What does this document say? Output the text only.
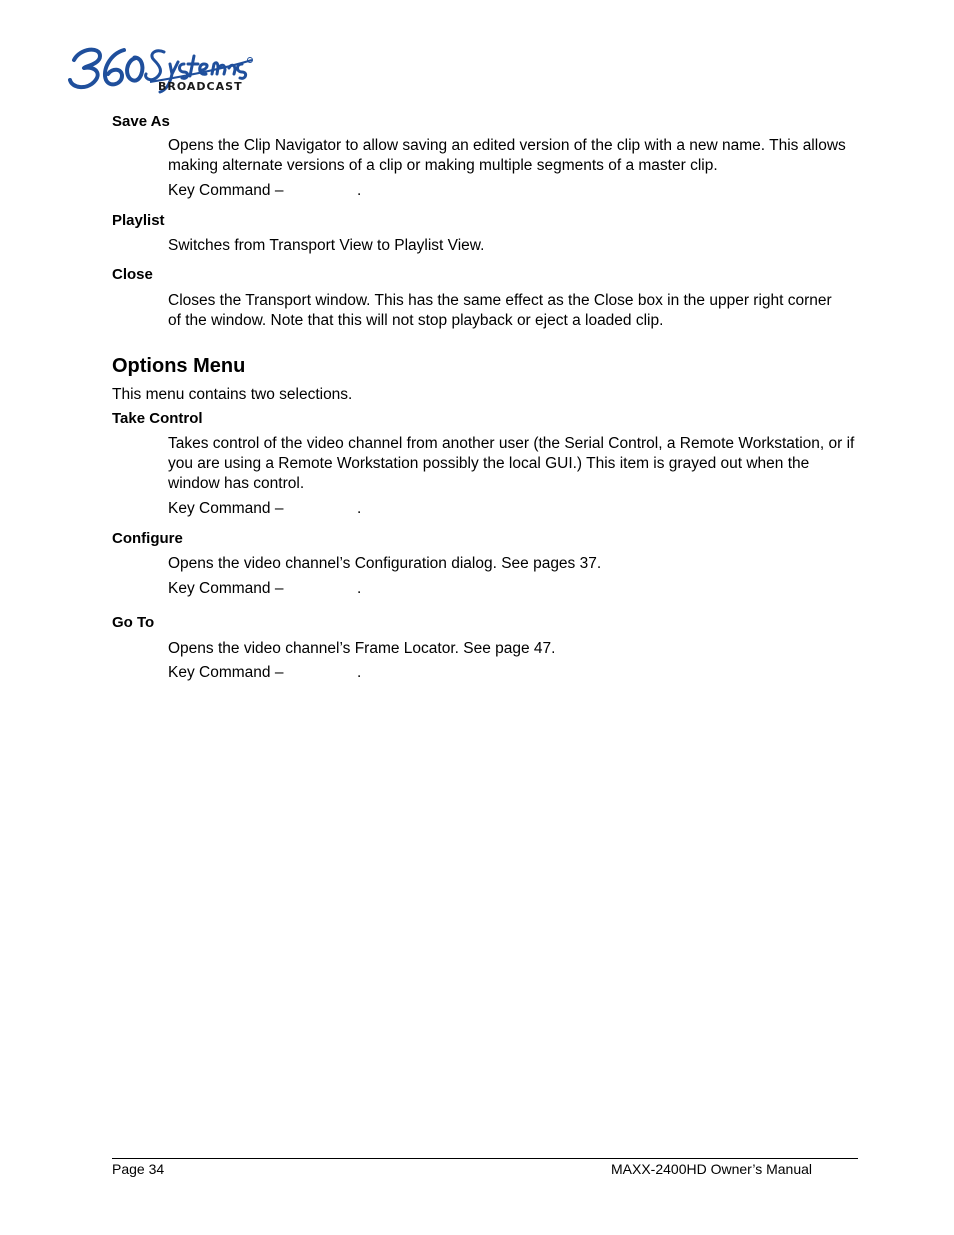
BROADCAST
Save As
Opens the Clip Navigator to allow saving an edited version of the clip with a new name. This allows making alternate versions of a clip or making multiple segments of a master clip.
Key Command –	.
Playlist
Switches from Transport View to Playlist View.
Close
Closes the Transport window. This has the same effect as the Close box in the upper right corner of the window. Note that this will not stop playback or eject a loaded clip.
Options Menu
This menu contains two selections.
Take Control
Takes control of the video channel from another user (the Serial Control, a Remote Workstation, or if you are using a Remote Workstation possibly the local GUI.) This item is grayed out when the window has control.
Key Command –	.
Configure
Opens the video channel’s Configuration dialog. See pages 37.
Key Command –	.
Go To
Opens the video channel’s Frame Locator. See page 47.
Key Command –	.
Page 34	MAXX-2400HD Owner’s Manual
